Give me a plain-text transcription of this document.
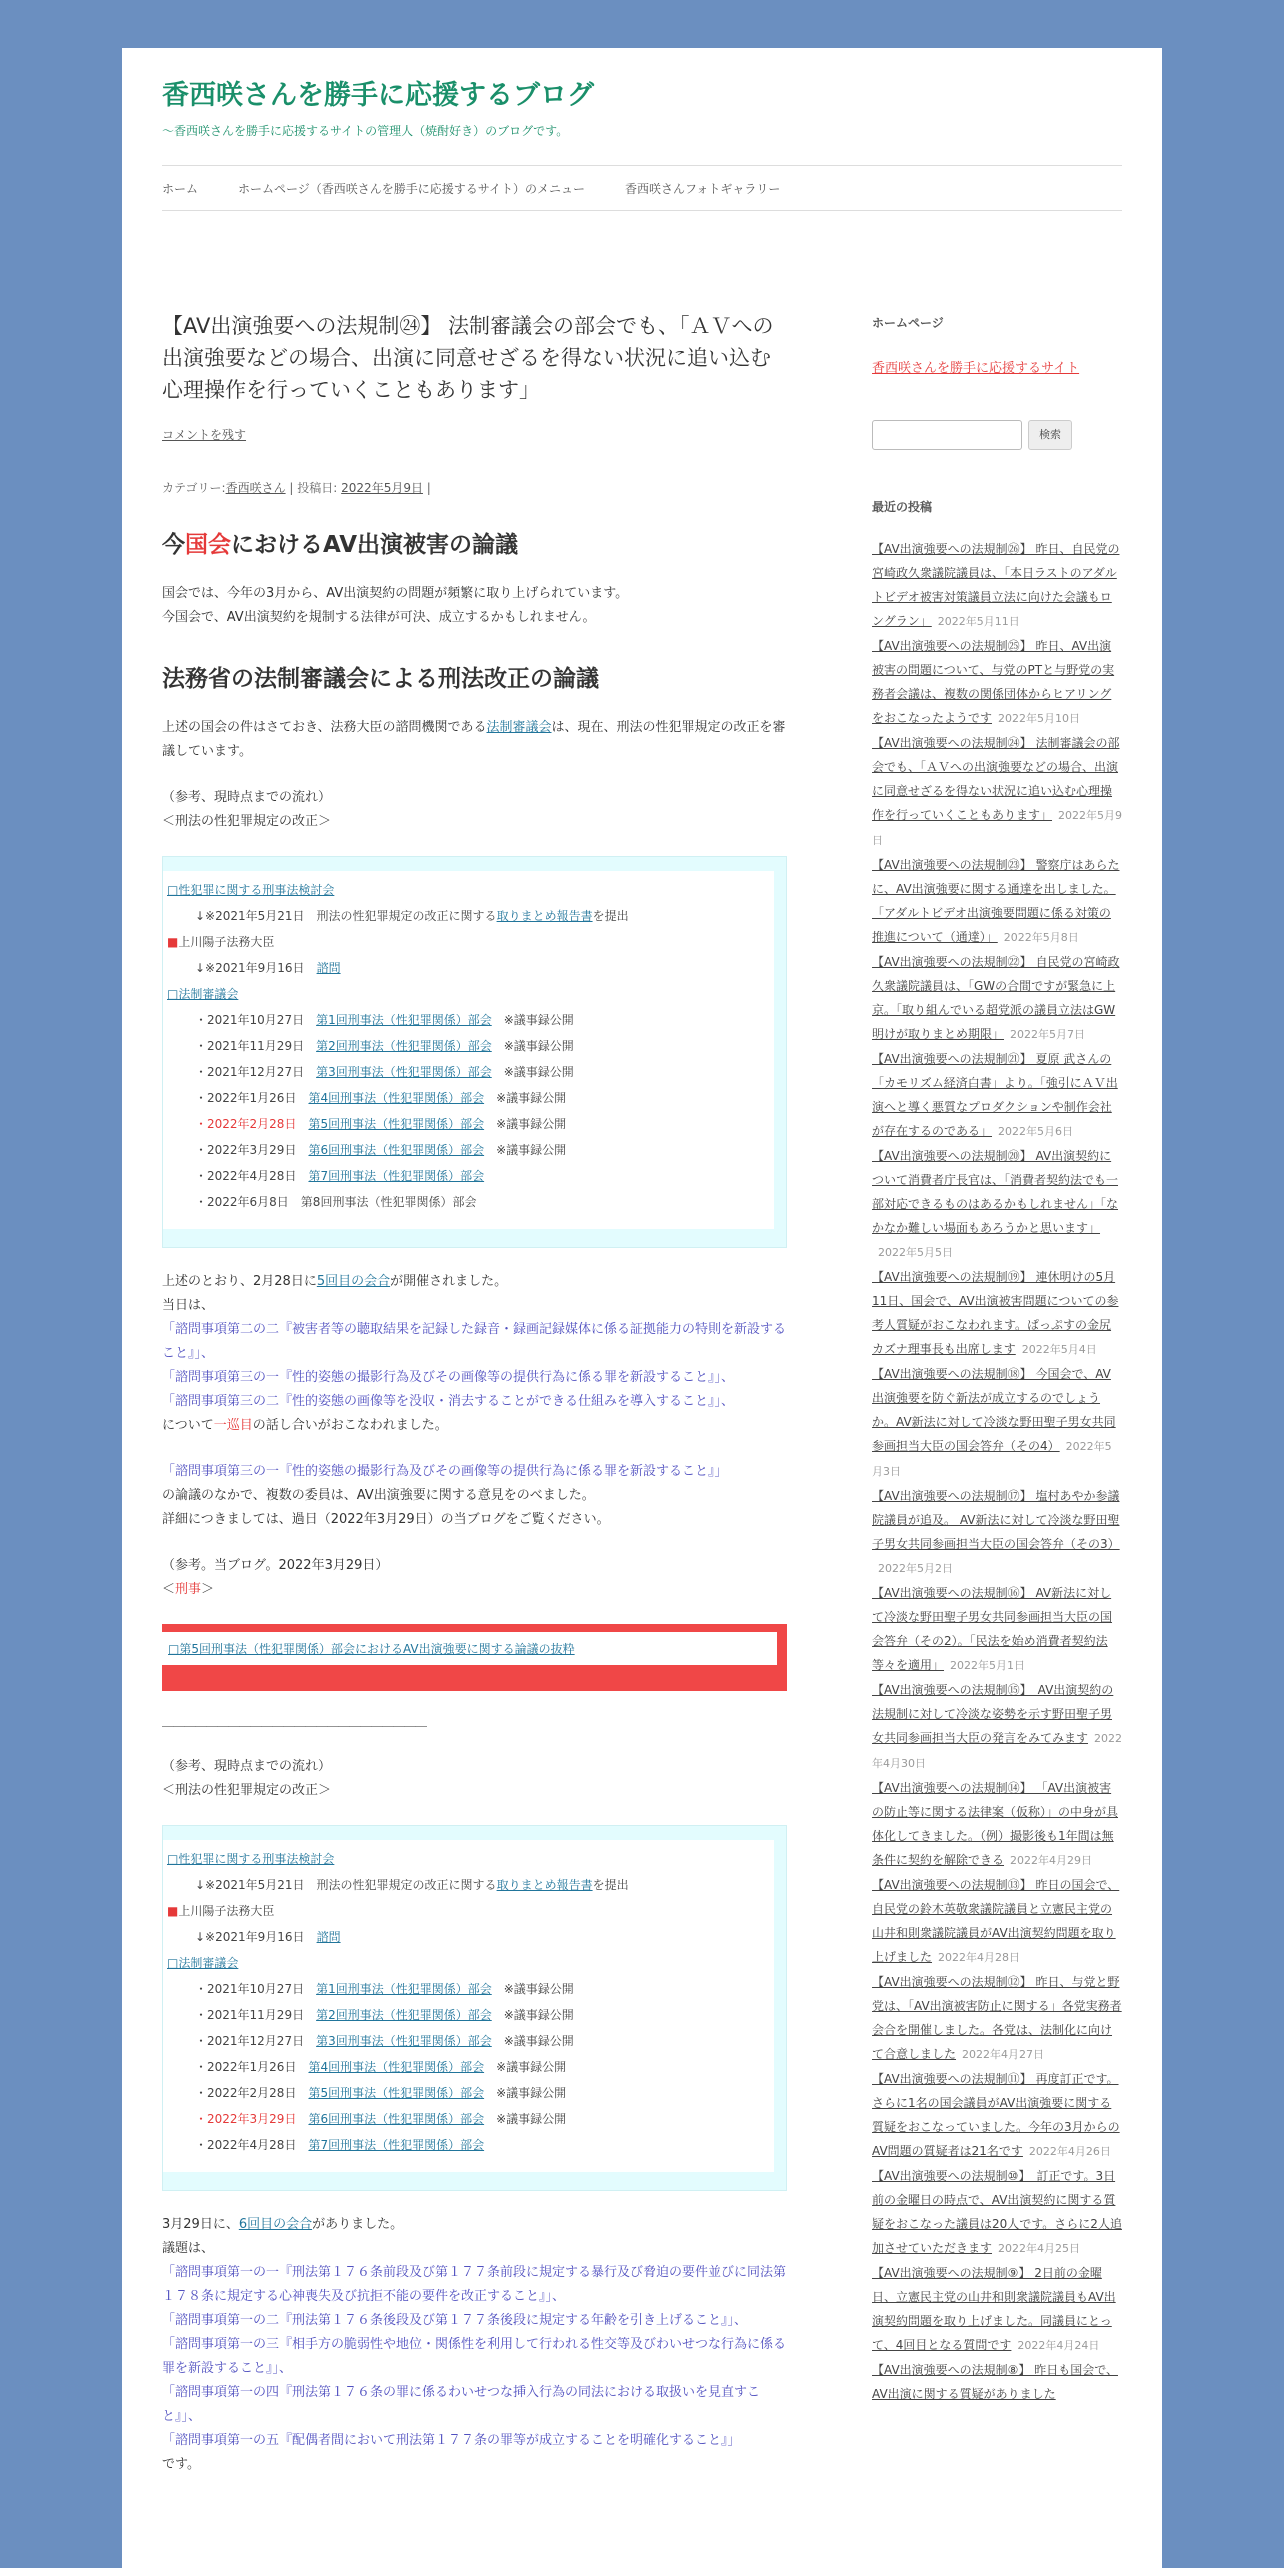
香西咲さんを勝手に応援するブログ
～香西咲さんを勝手に応援するサイトの管理人（焼酎好き）のブログです。
ホーム	ホームページ（香西咲さんを勝手に応援するサイト）のメニュー	香西咲さんフォトギャラリー
【AV出演強要への法規制㉔】 法制審議会の部会でも、「ＡＶへの出演強要などの場合、出演に同意せざるを得ない状況に追い込む心理操作を行っていくこともあります」
コメントを残す
カテゴリー:香西咲さん | 投稿日: 2022年5月9日 |
今国会におけるAV出演被害の論議

国会では、今年の3月から、AV出演契約の問題が頻繁に取り上げられています。
今国会で、AV出演契約を規制する法律が可決、成立するかもしれません。

法務省の法制審議会による刑法改正の論議

上述の国会の件はさておき、法務大臣の諮問機関である法制審議会は、現在、刑法の性犯罪規定の改正を審議しています。

（参考、現時点までの流れ）
＜刑法の性犯罪規定の改正＞

□性犯罪に関する刑事法検討会
↓※2021年5月21日　刑法の性犯罪規定の改正に関する取りまとめ報告書を提出
■上川陽子法務大臣
↓※2021年9月16日　諮問
□法制審議会
・2021年10月27日　第1回刑事法（性犯罪関係）部会　※議事録公開
・2021年11月29日　第2回刑事法（性犯罪関係）部会　※議事録公開
・2021年12月27日　第3回刑事法（性犯罪関係）部会　※議事録公開
・2022年1月26日　第4回刑事法（性犯罪関係）部会　※議事録公開
・2022年2月28日　第5回刑事法（性犯罪関係）部会　※議事録公開
・2022年3月29日　第6回刑事法（性犯罪関係）部会　※議事録公開
・2022年4月28日　第7回刑事法（性犯罪関係）部会
・2022年6月8日　第8回刑事法（性犯罪関係）部会

上述のとおり、2月28日に5回目の会合が開催されました。
当日は、
「諮問事項第二の二『被害者等の聴取結果を記録した録音・録画記録媒体に係る証拠能力の特則を新設すること』」、
「諮問事項第三の一『性的姿態の撮影行為及びその画像等の提供行為に係る罪を新設すること』」、
「諮問事項第三の二『性的姿態の画像等を没収・消去することができる仕組みを導入すること』」、
について一巡目の話し合いがおこなわれました。

「諮問事項第三の一『性的姿態の撮影行為及びその画像等の提供行為に係る罪を新設すること』」
の論議のなかで、複数の委員は、AV出演強要に関する意見をのべました。
詳細につきましては、過日（2022年3月29日）の当ブログをご覧ください。

（参考。当ブログ。2022年3月29日）
＜刑事＞

□第5回刑事法（性犯罪関係）部会におけるAV出演強要に関する論議の抜粋
――――――――――――――――――――――――

（参考、現時点までの流れ）
＜刑法の性犯罪規定の改正＞

□性犯罪に関する刑事法検討会
↓※2021年5月21日　刑法の性犯罪規定の改正に関する取りまとめ報告書を提出
■上川陽子法務大臣
↓※2021年9月16日　諮問
□法制審議会
・2021年10月27日　第1回刑事法（性犯罪関係）部会　※議事録公開
・2021年11月29日　第2回刑事法（性犯罪関係）部会　※議事録公開
・2021年12月27日　第3回刑事法（性犯罪関係）部会　※議事録公開
・2022年1月26日　第4回刑事法（性犯罪関係）部会　※議事録公開
・2022年2月28日　第5回刑事法（性犯罪関係）部会　※議事録公開
・2022年3月29日　第6回刑事法（性犯罪関係）部会　※議事録公開
・2022年4月28日　第7回刑事法（性犯罪関係）部会

3月29日に、6回目の会合がありました。
議題は、
「諮問事項第一の一『刑法第１７６条前段及び第１７７条前段に規定する暴行及び脅迫の要件並びに同法第１７８条に規定する心神喪失及び抗拒不能の要件を改正すること』」、
「諮問事項第一の二『刑法第１７６条後段及び第１７７条後段に規定する年齢を引き上げること』」、
「諮問事項第一の三『相手方の脆弱性や地位・関係性を利用して行われる性交等及びわいせつな行為に係る罪を新設すること』」、
「諮問事項第一の四『刑法第１７６条の罪に係るわいせつな挿入行為の同法における取扱いを見直すこと』」、
「諮問事項第一の五『配偶者間において刑法第１７７条の罪等が成立することを明確化すること』」
です。

ホームページ
香西咲さんを勝手に応援するサイト
検索
最近の投稿
【AV出演強要への法規制㉖】 昨日、自民党の宮崎政久衆議院議員は、「本日ラストのアダルトビデオ被害対策議員立法に向けた会議もロングラン」 2022年5月11日
【AV出演強要への法規制㉕】 昨日、AV出演被害の問題について、与党のPTと与野党の実務者会議は、複数の関係団体からヒアリングをおこなったようです 2022年5月10日
【AV出演強要への法規制㉔】 法制審議会の部会でも、「ＡＶへの出演強要などの場合、出演に同意せざるを得ない状況に追い込む心理操作を行っていくこともあります」 2022年5月9日
【AV出演強要への法規制㉓】 警察庁はあらたに、AV出演強要に関する通達を出しました。「アダルトビデオ出演強要問題に係る対策の推進について（通達）」 2022年5月8日
【AV出演強要への法規制㉒】 自民党の宮崎政久衆議院議員は、「GWの合間ですが緊急に上京。「取り組んでいる超党派の議員立法はGW明けが取りまとめ期限」 2022年5月7日
【AV出演強要への法規制㉑】 夏原 武さんの「カモリズム経済白書」より。「強引にＡＶ出演へと導く悪質なプロダクションや制作会社が存在するのである」 2022年5月6日
【AV出演強要への法規制⑳】 AV出演契約について消費者庁長官は、「消費者契約法でも一部対応できるものはあるかもしれません」「なかなか難しい場面もあろうかと思います」2022年5月5日
【AV出演強要への法規制⑲】 連休明けの5月11日、国会で、AV出演被害問題についての参考人質疑がおこなわれます。ぱっぷすの金尻カズナ理事長も出席します 2022年5月4日
【AV出演強要への法規制⑱】 今国会で、AV出演強要を防ぐ新法が成立するのでしょうか。AV新法に対して冷淡な野田聖子男女共同参画担当大臣の国会答弁（その4） 2022年5月3日
【AV出演強要への法規制⑰】 塩村あやか参議院議員が追及。 AV新法に対して冷淡な野田聖子男女共同参画担当大臣の国会答弁（その3）2022年5月2日
【AV出演強要への法規制⑯】 AV新法に対して冷淡な野田聖子男女共同参画担当大臣の国会答弁（その2）。「民法を始め消費者契約法等々を適用」 2022年5月1日
【AV出演強要への法規制⑮】　AV出演契約の法規制に対して冷淡な姿勢を示す野田聖子男女共同参画担当大臣の発言をみてみます 2022年4月30日
【AV出演強要への法規制⑭】 「AV出演被害の防止等に関する法律案（仮称）」の中身が具体化してきました。（例）撮影後も1年間は無条件に契約を解除できる 2022年4月29日
【AV出演強要への法規制⑬】 昨日の国会で、自民党の鈴木英敬衆議院議員と立憲民主党の山井和則衆議院議員がAV出演契約問題を取り上げました 2022年4月28日
【AV出演強要への法規制⑫】 昨日、与党と野党は、「AV出演被害防止に関する」各党実務者会合を開催しました。各党は、法制化に向けて合意しました 2022年4月27日
【AV出演強要への法規制⑪】 再度訂正です。さらに1名の国会議員がAV出演強要に関する質疑をおこなっていました。今年の3月からのAV問題の質疑者は21名です 2022年4月26日
【AV出演強要への法規制⑩】　訂正です。3日前の金曜日の時点で、AV出演契約に関する質疑をおこなった議員は20人です。さらに2人追加させていただきます 2022年4月25日
【AV出演強要への法規制⑨】 2日前の金曜日、立憲民主党の山井和則衆議院議員もAV出演契約問題を取り上げました。同議員にとって、4回目となる質問です 2022年4月24日
【AV出演強要への法規制⑧】 昨日も国会で、AV出演に関する質疑がありました
